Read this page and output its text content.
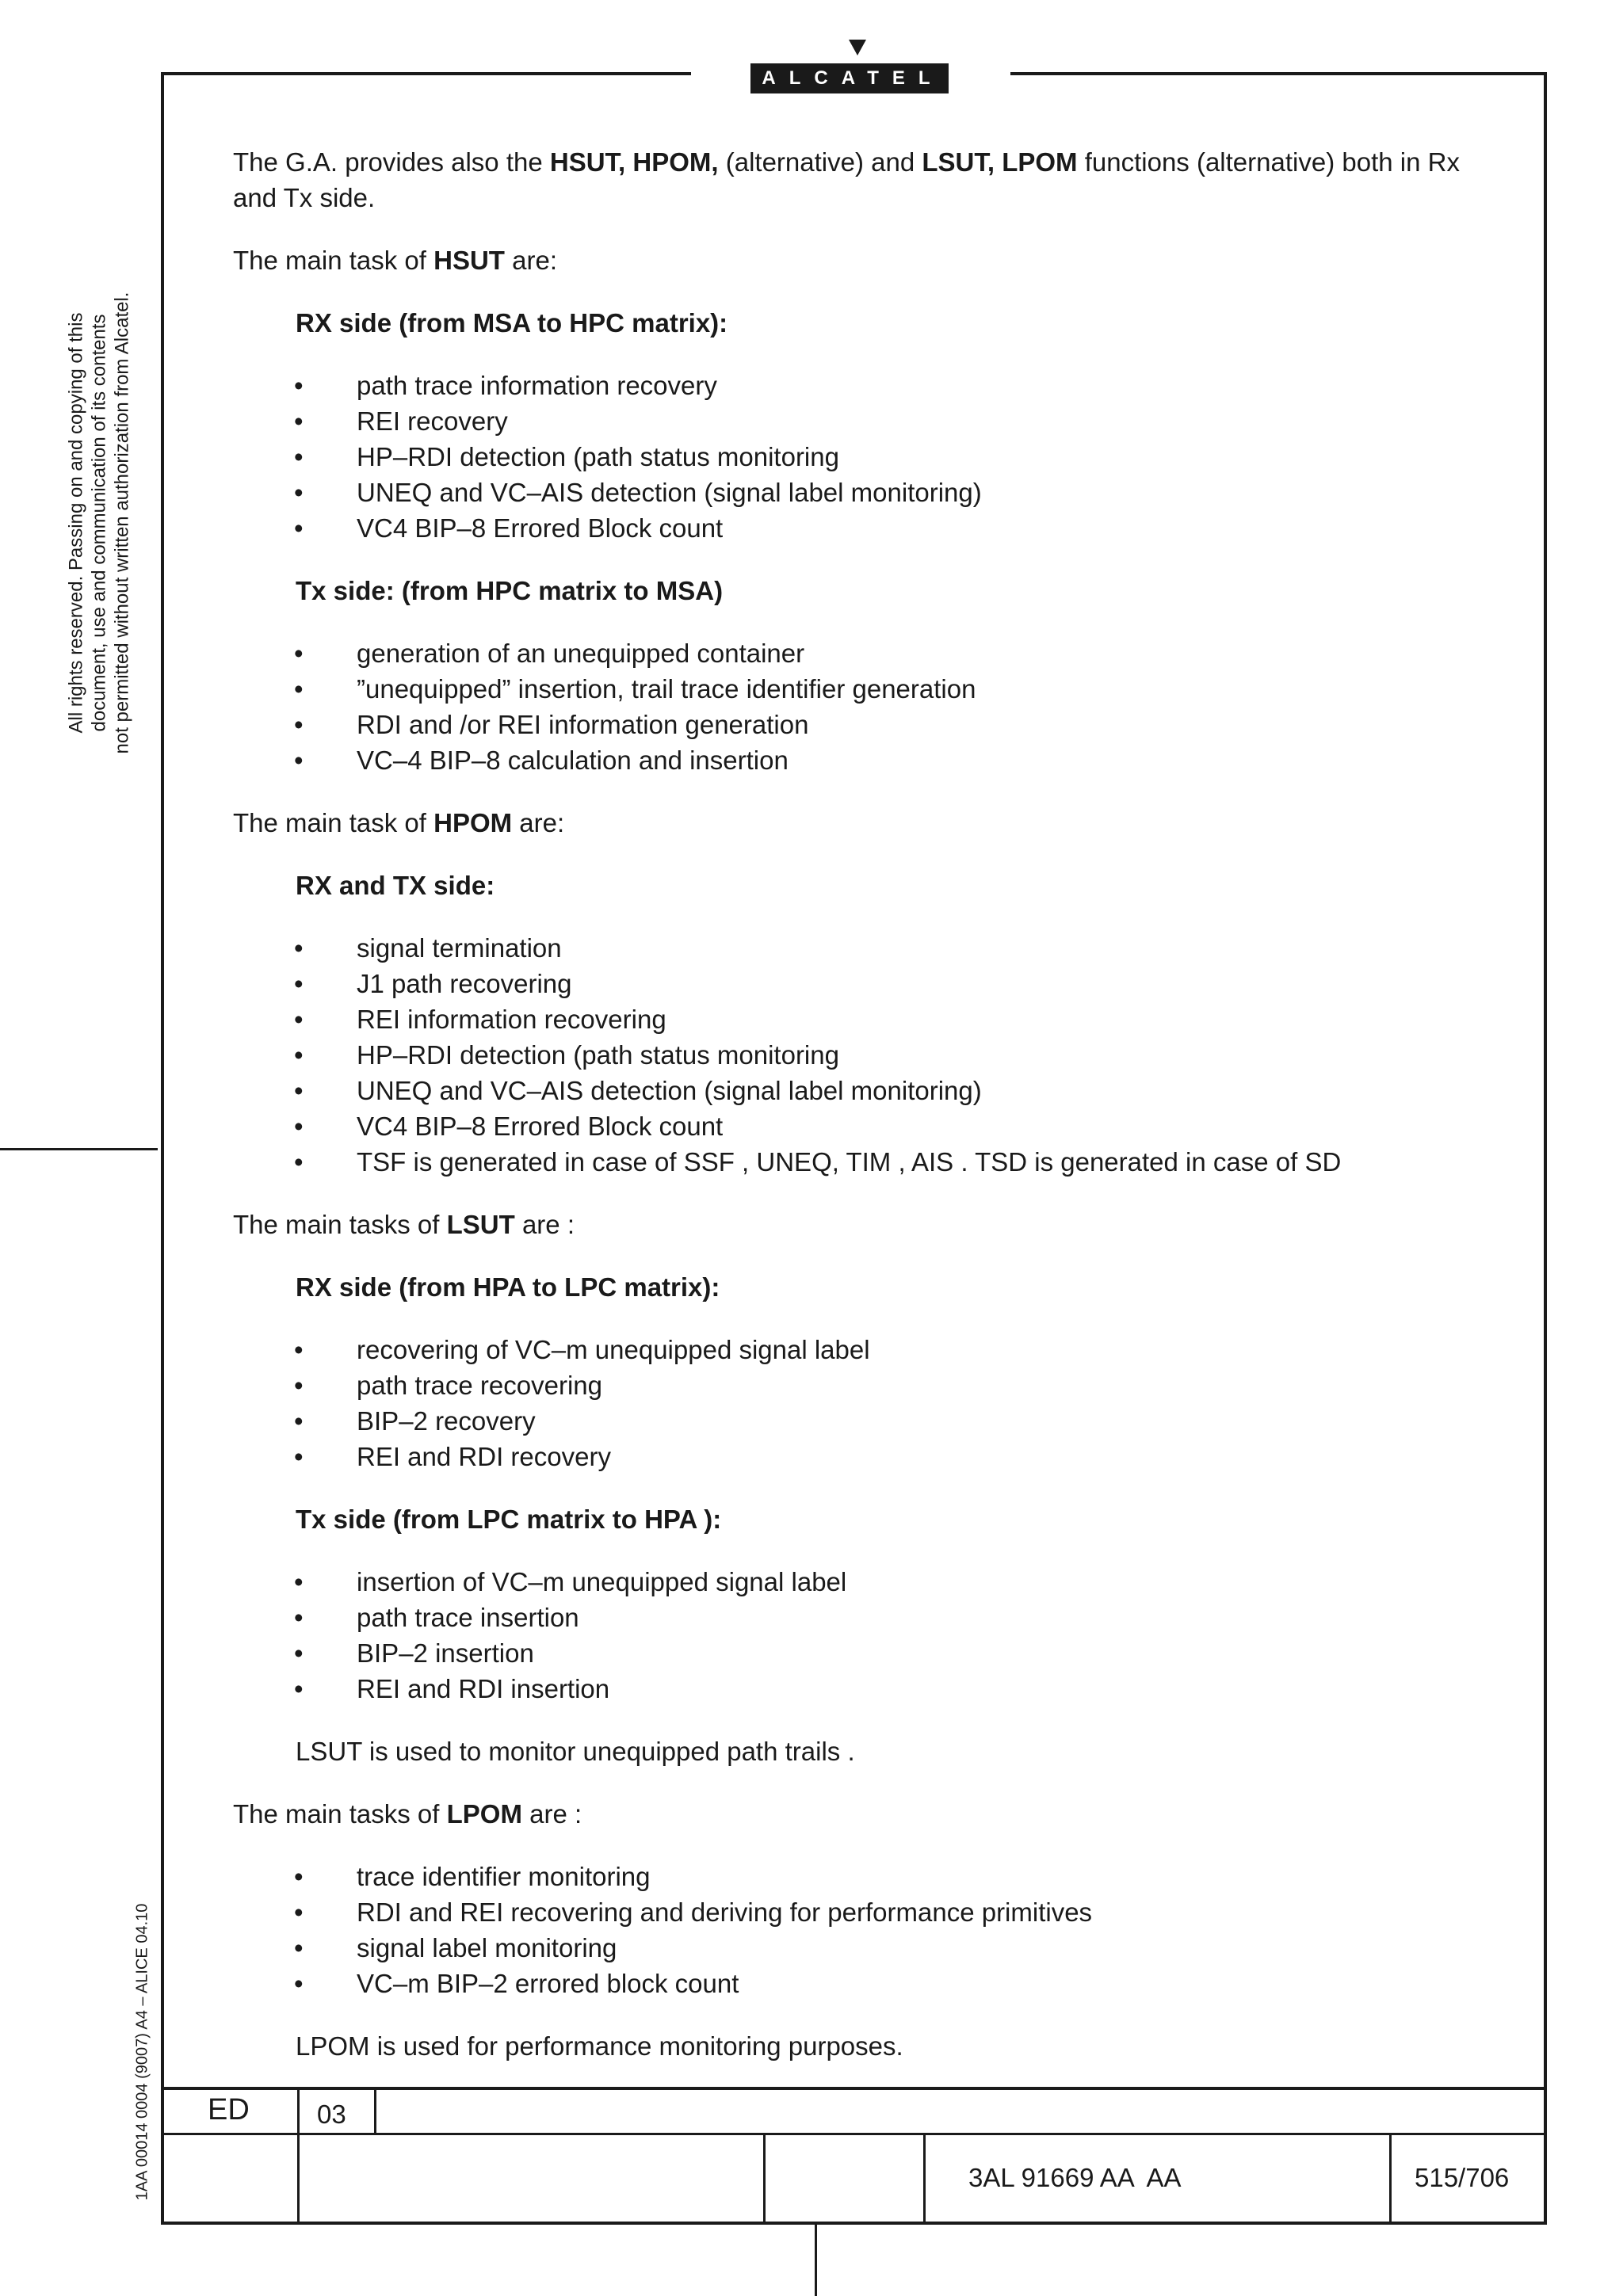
ALCATEL
All rights reserved. Passing on and copying of this document, use and communication of its contents not permitted without written authorization from Alcatel.
1AA 00014 0004 (9007) A4 – ALICE 04.10

The G.A. provides also the HSUT, HPOM, (alternative) and LSUT, LPOM functions (alternative) both in Rx and Tx side.

The main task of HSUT are:

RX side (from MSA to HPC matrix):
• path trace information recovery
• REI recovery
• HP–RDI detection (path status monitoring
• UNEQ and VC–AIS detection (signal label monitoring)
• VC4 BIP–8 Errored Block count
Tx side: (from HPC matrix to MSA)
• generation of an unequipped container
• ”unequipped” insertion, trail trace identifier generation
• RDI and /or REI information generation
• VC–4 BIP–8 calculation and insertion

The main task of HPOM are:

RX and TX side:
• signal termination
• J1 path recovering
• REI information recovering
• HP–RDI detection (path status monitoring
• UNEQ and VC–AIS detection (signal label monitoring)
• VC4 BIP–8 Errored Block count
• TSF is generated in case of SSF , UNEQ, TIM , AIS . TSD is generated in case of SD

The main tasks of LSUT are :

RX side (from HPA to LPC matrix):
• recovering of VC–m unequipped signal label
• path trace recovering
• BIP–2 recovery
• REI and RDI recovery
Tx side (from LPC matrix to HPA ):
• insertion of VC–m unequipped signal label
• path trace insertion
• BIP–2 insertion
• REI and RDI insertion

LSUT is used to monitor unequipped path trails .

The main tasks of LPOM are :

• trace identifier monitoring
• RDI and REI recovering and deriving for performance primitives
• signal label monitoring
• VC–m BIP–2 errored block count

LPOM is used for performance monitoring purposes.

ED	03
3AL 91669 AA  AA	515/706
